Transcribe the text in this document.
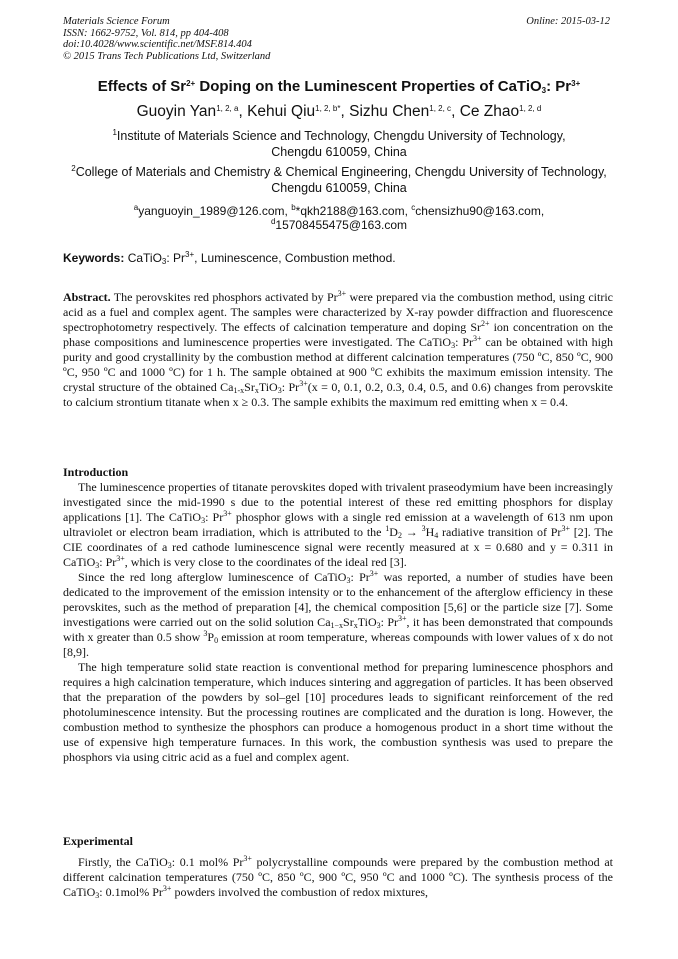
Materials Science Forum
ISSN: 1662-9752, Vol. 814, pp 404-408
doi:10.4028/www.scientific.net/MSF.814.404
© 2015 Trans Tech Publications Ltd, Switzerland
Online: 2015-03-12
Effects of $Sr^{2+}$ Doping on the Luminescent Properties of CaTiO$_3$: $Pr^{3+}$
Guoyin Yan$^{1, 2, a}$, Kehui Qiu$^{1, 2, b*}$, Sizhu Chen$^{1, 2, c}$, Ce Zhao$^{1, 2, d}$
$^1$Institute of Materials Science and Technology, Chengdu University of Technology,
Chengdu 610059, China
$^2$College of Materials and Chemistry & Chemical Engineering, Chengdu University of Technology,
Chengdu 610059, China
$^a$yanguoyin_1989@126.com, $^b$*qkh2188@163.com, $^c$chensizhu90@163.com,
$^d$15708455475@163.com
Keywords: CaTiO$_3$: $Pr^{3+}$, Luminescence, Combustion method.

Abstract. The perovskites red phosphors activated by $Pr^{3+}$ were prepared via the combustion method, using citric acid as a fuel and complex agent. The samples were characterized by X-ray powder diffraction and fluorescence spectrophotometry respectively. The effects of calcination temperature and doping $Sr^{2+}$ ion concentration on the phase compositions and luminescence properties were investigated. The CaTiO$_3$: $Pr^{3+}$ can be obtained with high purity and good crystallinity by the combustion method at different calcination temperatures (750 ºC, 850 ºC, 900 ºC, 950 ºC and 1000 ºC) for 1 h. The sample obtained at 900 ºC exhibits the maximum emission intensity. The crystal structure of the obtained $Ca_{1-x}Sr_xTiO_3$: $Pr^{3+}(x = 0$, 0.1, 0.2, 0.3, 0.4, 0.5, and 0.6) changes from perovskite to calcium strontium titanate when x ≥ 0.3. The sample exhibits the maximum red emitting when x = 0.4.

Introduction

The luminescence properties of titanate perovskites doped with trivalent praseodymium have been increasingly investigated since the mid-1990 s due to the potential interest of these red emitting phosphors for display applications [1]. The CaTiO$_3$: $Pr^{3+}$ phosphor glows with a single red emission at a wavelength of 613 nm upon ultraviolet or electron beam irradiation, which is attributed to the $^1D_2 \to ^3H_4$ radiative transition of $Pr^{3+}$ [2]. The CIE coordinates of a red cathode luminescence signal were recently measured at x = 0.680 and y = 0.311 in CaTiO$_3$: $Pr^{3+}$, which is very close to the coordinates of the ideal red [3].

Since the red long afterglow luminescence of CaTiO$_3$: $Pr^{3+}$ was reported, a number of studies have been dedicated to the improvement of the emission intensity or to the enhancement of the afterglow efficiency in these perovskites, such as the method of preparation [4], the chemical composition [5,6] or the particle size [7]. Some investigations were carried out on the solid solution $Ca_{1-x}Sr_xTiO_3$: $Pr^{3+}$, it has been demonstrated that compounds with x greater than 0.5 show $^3P_0$ emission at room temperature, whereas compounds with lower values of x do not [8,9].

The high temperature solid state reaction is conventional method for preparing luminescence phosphors and requires a high calcination temperature, which induces sintering and aggregation of particles. It has been observed that the preparation of the powders by sol–gel [10] procedures leads to significant reinforcement of the red photoluminescence intensity. But the processing routines are complicated and the duration is long. However, the combustion method to synthesize the phosphors can produce a homogenous product in a short time without the use of expensive high temperature furnaces. In this work, the combustion synthesis was used to prepare the phosphors via using citric acid as a fuel and complex agent.

Experimental

Firstly, the CaTiO$_3$: 0.1 mol% $Pr^{3+}$ polycrystalline compounds were prepared by the combustion method at different calcination temperatures (750 ºC, 850 ºC, 900 ºC, 950 ºC and 1000 ºC). The synthesis process of the CaTiO$_3$: 0.1mol% $Pr^{3+}$ powders involved the combustion of redox mixtures,
